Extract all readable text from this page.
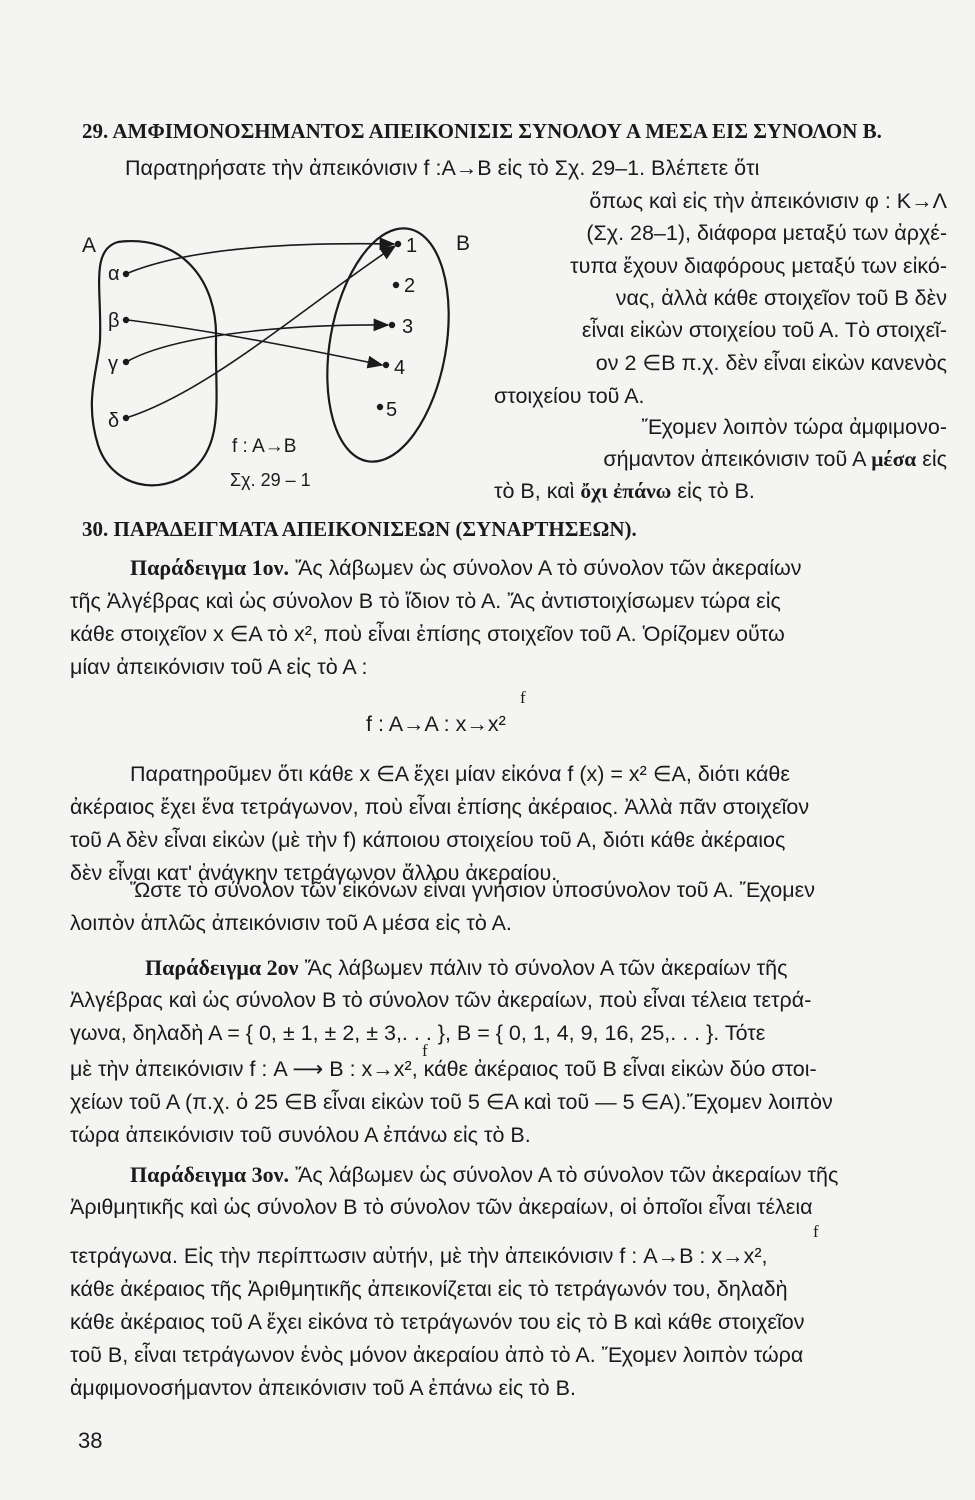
29. ΑΜΦΙΜΟΝΟΣΗΜΑΝΤΟΣ ΑΠΕΙΚΟΝΙΣΙΣ ΣΥΝΟΛΟΥ Α ΜΕΣΑ ΕΙΣ ΣΥΝΟΛΟΝ Β.
Παρατηρήσατε τὴν ἀπεικόνισιν f :Α→Β εἰς τὸ Σχ. 29–1. Βλέπετε ὅτι
ὅπως καὶ εἰς τὴν ἀπεικόνισιν φ : Κ→Λ
(Σχ. 28–1), διάφορα μεταξύ των ἀρχέ-
τυπα ἔχουν διαφόρους μεταξύ των εἰκό-
νας, ἀλλὰ κάθε στοιχεῖον τοῦ Β δὲν
εἶναι εἰκὼν στοιχείου τοῦ Α. Τὸ στοιχεῖ-
ον 2 ∈Β π.χ. δὲν εἶναι εἰκὼν κανενὸς
στοιχείου τοῦ Α.
Ἔχομεν λοιπὸν τώρα ἀμφιμονο-
σήμαντον ἀπεικόνισιν τοῦ Α μέσα εἰς
τὸ Β, καὶ ὄχι ἐπάνω εἰς τὸ Β.
A	B
α
β
γ
δ
1
2
3
4
5
f : A→B
Σχ. 29 – 1
30. ΠΑΡΑΔΕΙΓΜΑΤΑ ΑΠΕΙΚΟΝΙΣΕΩΝ (ΣΥΝΑΡΤΗΣΕΩΝ).
Παράδειγμα 1ον. Ἄς λάβωμεν ὡς σύνολον Α τὸ σύνολον τῶν ἀκεραίων
τῆς Ἀλγέβρας καὶ ὡς σύνολον Β τὸ ἴδιον τὸ Α. Ἄς ἀντιστοιχίσωμεν τώρα εἰς
κάθε στοιχεῖον x ∈Α τὸ x², ποὺ εἶναι ἐπίσης στοιχεῖον τοῦ Α. Ὁρίζομεν οὕτω
μίαν ἀπεικόνισιν τοῦ Α εἰς τὸ Α :
f
f : A→A : x→x²
Παρατηροῦμεν ὅτι κάθε x ∈Α ἔχει μίαν εἰκόνα f (x) = x² ∈Α, διότι κάθε
ἀκέραιος ἔχει ἕνα τετράγωνον, ποὺ εἶναι ἐπίσης ἀκέραιος. Ἀλλὰ πᾶν στοιχεῖον
τοῦ Α δὲν εἶναι εἰκὼν (μὲ τὴν f) κάποιου στοιχείου τοῦ Α, διότι κάθε ἀκέραιος
δὲν εἶναι κατ' ἀνάγκην τετράγωνον ἄλλου ἀκεραίου.
Ὥστε τὸ σύνολον τῶν εἰκόνων εἶναι γνήσιον ὑποσύνολον τοῦ Α. Ἔχομεν
λοιπὸν ἁπλῶς ἀπεικόνισιν τοῦ Α μέσα εἰς τὸ Α.
Παράδειγμα 2ον Ἄς λάβωμεν πάλιν τὸ σύνολον Α τῶν ἀκεραίων τῆς
Ἀλγέβρας καὶ ὡς σύνολον Β τὸ σύνολον τῶν ἀκεραίων, ποὺ εἶναι τέλεια τετρά-
γωνα, δηλαδὴ Α = { 0, ± 1, ± 2, ± 3,. . . }, Β = { 0, 1, 4, 9, 16, 25,. . . }. Τότε
f
μὲ τὴν ἀπεικόνισιν f : Α ⟶ Β : x→x², κάθε ἀκέραιος τοῦ Β εἶναι εἰκὼν δύο στοι-
χείων τοῦ Α (π.χ. ὁ 25 ∈Β εἶναι εἰκὼν τοῦ 5 ∈Α καὶ τοῦ — 5 ∈Α).Ἔχομεν λοιπὸν
τώρα ἀπεικόνισιν τοῦ συνόλου Α ἐπάνω εἰς τὸ Β.
Παράδειγμα 3ον. Ἄς λάβωμεν ὡς σύνολον Α τὸ σύνολον τῶν ἀκεραίων τῆς
Ἀριθμητικῆς καὶ ὡς σύνολον Β τὸ σύνολον τῶν ἀκεραίων, οἱ ὁποῖοι εἶναι τέλεια
f
τετράγωνα. Εἰς τὴν περίπτωσιν αὐτήν, μὲ τὴν ἀπεικόνισιν f : Α→Β : x→x²,
κάθε ἀκέραιος τῆς Ἀριθμητικῆς ἀπεικονίζεται εἰς τὸ τετράγωνόν του, δηλαδὴ
κάθε ἀκέραιος τοῦ Α ἔχει εἰκόνα τὸ τετράγωνόν του εἰς τὸ Β καὶ κάθε στοιχεῖον
τοῦ Β, εἶναι τετράγωνον ἑνὸς μόνον ἀκεραίου ἀπὸ τὸ Α. Ἔχομεν λοιπὸν τώρα
ἀμφιμονοσήμαντον ἀπεικόνισιν τοῦ Α ἐπάνω εἰς τὸ Β.
38
